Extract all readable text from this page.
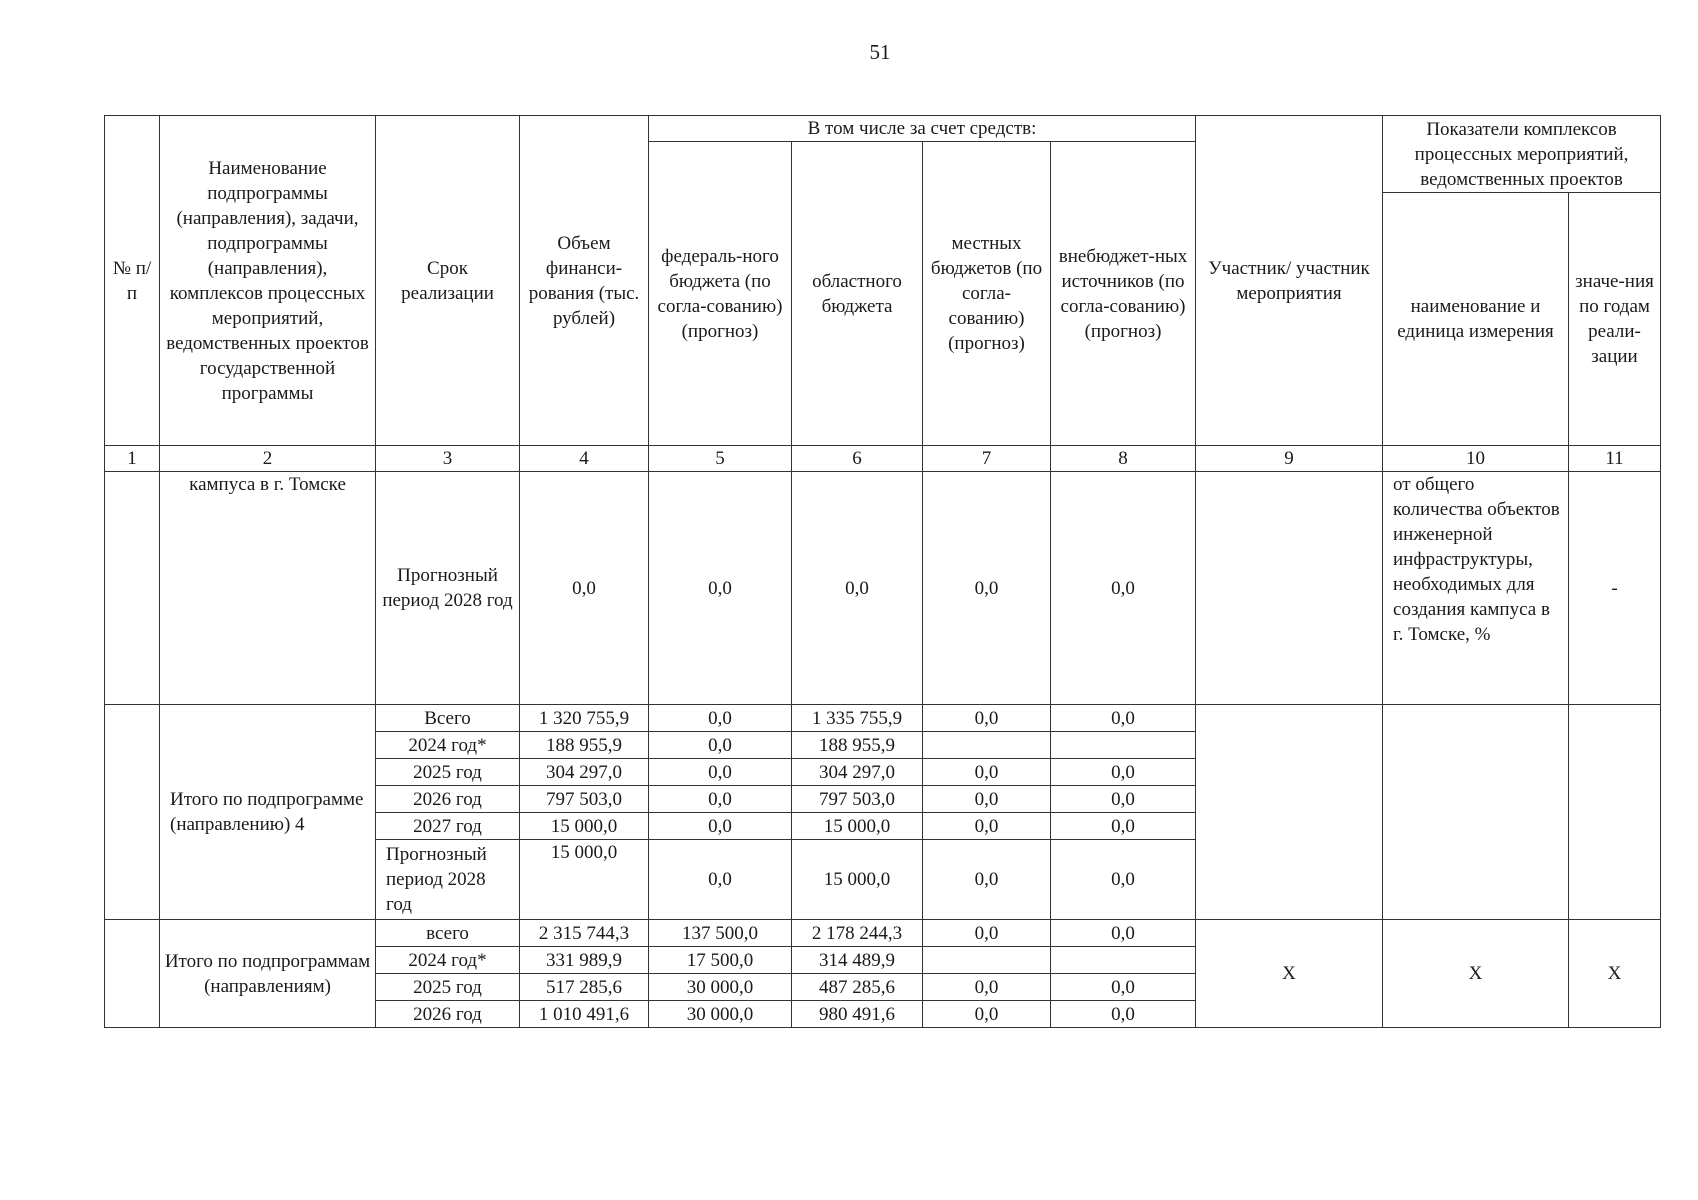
51
№ п/п	Наименование подпрограммы (направления), задачи, подпрограммы (направления), комплексов процессных мероприятий, ведомственных проектов государственной программы	Срок реализации	Объем финанси-рования (тыс. рублей)	В том числе за счет средств:				Участник/ участник мероприятия	Показатели комплексов процессных мероприятий, ведомственных проектов	
				федераль-ного бюджета (по согла-сованию) (прогноз)	областного бюджета	местных бюджетов (по согла-сованию) (прогноз)	внебюджет-ных источников (по согла-сованию) (прогноз)			
									наименование и единица измерения	значе-ния по годам реали-зации
1	2	3	4	5	6	7	8	9	10	11
	кампуса в г. Томске	Прогнозный период 2028 год	0,0	0,0	0,0	0,0	0,0		от общего количества объектов инженерной инфраструктуры, необходимых для создания кампуса в г. Томске, %	-
	Итого по подпрограмме (направлению) 4	Всего	1 320 755,9	0,0	1 335 755,9	0,0	0,0			
		2024 год*	188 955,9	0,0	188 955,9					
		2025 год	304 297,0	0,0	304 297,0	0,0	0,0			
		2026 год	797 503,0	0,0	797 503,0	0,0	0,0			
		2027 год	15 000,0	0,0	15 000,0	0,0	0,0			
		Прогнозный период 2028 год	15 000,0	0,0	15 000,0	0,0	0,0			
	Итого по подпрограммам (направлениям)	всего	2 315 744,3	137 500,0	2 178 244,3	0,0	0,0	Х	Х	Х
		2024 год*	331 989,9	17 500,0	314 489,9					
		2025 год	517 285,6	30 000,0	487 285,6	0,0	0,0			
		2026 год	1 010 491,6	30 000,0	980 491,6	0,0	0,0			
